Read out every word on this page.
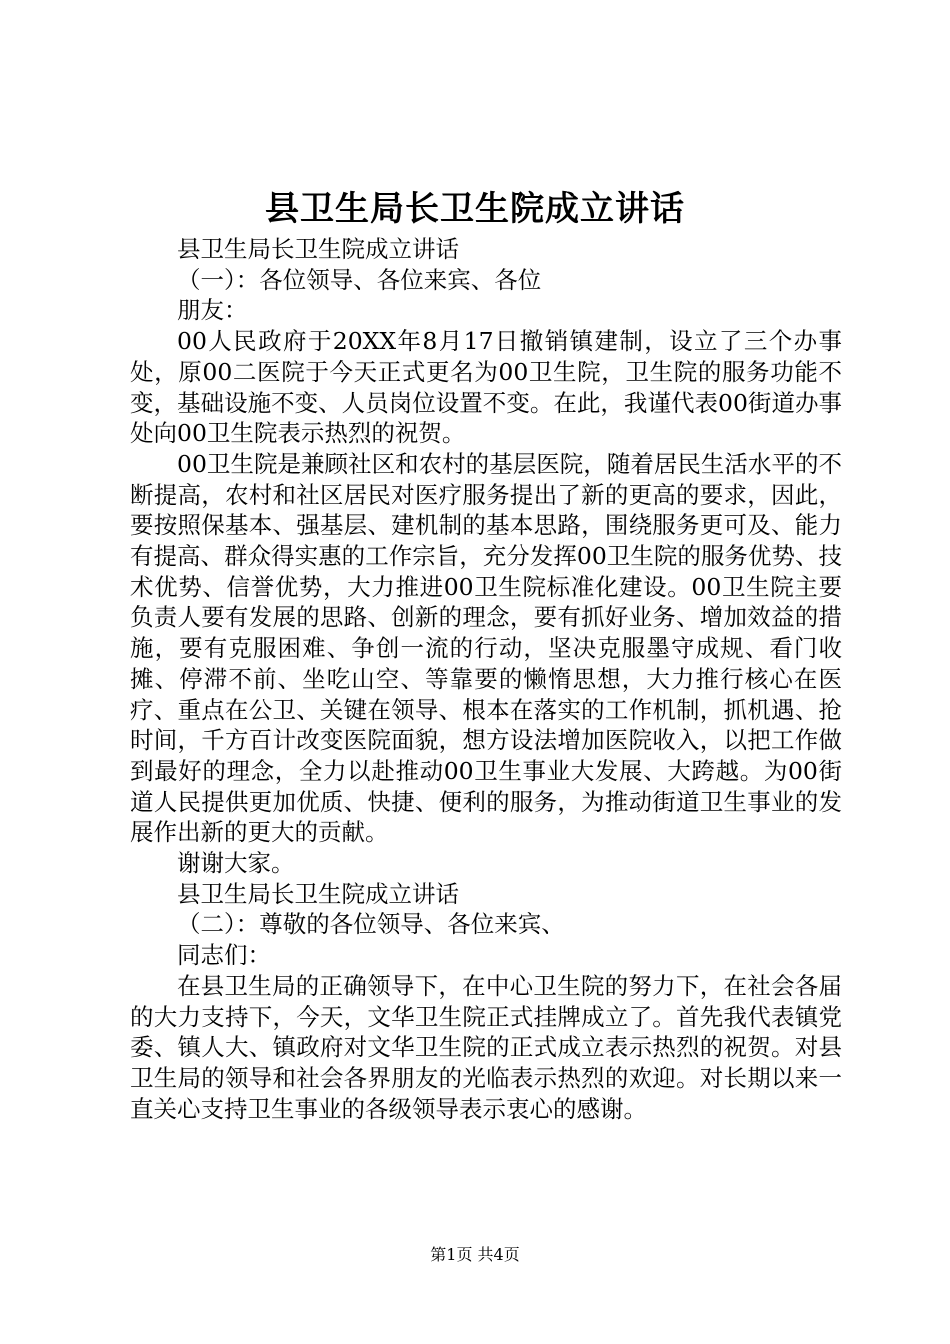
县卫生局长卫生院成立讲话

县卫生局长卫生院成立讲话

（一）：各位领导、各位来宾、各位

朋友：

00人民政府于20XX年8月17日撤销镇建制，设立了三个办事处，原00二医院于今天正式更名为00卫生院，卫生院的服务功能不变，基础设施不变、人员岗位设置不变。在此，我谨代表00街道办事处向00卫生院表示热烈的祝贺。

00卫生院是兼顾社区和农村的基层医院，随着居民生活水平的不断提高，农村和社区居民对医疗服务提出了新的更高的要求，因此，要按照保基本、强基层、建机制的基本思路，围绕服务更可及、能力有提高、群众得实惠的工作宗旨，充分发挥00卫生院的服务优势、技术优势、信誉优势，大力推进00卫生院标准化建设。00卫生院主要负责人要有发展的思路、创新的理念，要有抓好业务、增加效益的措施，要有克服困难、争创一流的行动，坚决克服墨守成规、看门收摊、停滞不前、坐吃山空、等靠要的懒惰思想，大力推行核心在医疗、重点在公卫、关键在领导、根本在落实的工作机制，抓机遇、抢时间，千方百计改变医院面貌，想方设法增加医院收入，以把工作做到最好的理念，全力以赴推动00卫生事业大发展、大跨越。为00街道人民提供更加优质、快捷、便利的服务，为推动街道卫生事业的发展作出新的更大的贡献。

谢谢大家。

县卫生局长卫生院成立讲话

（二）：尊敬的各位领导、各位来宾、

同志们：

在县卫生局的正确领导下，在中心卫生院的努力下，在社会各届的大力支持下，今天，文华卫生院正式挂牌成立了。首先我代表镇党委、镇人大、镇政府对文华卫生院的正式成立表示热烈的祝贺。对县卫生局的领导和社会各界朋友的光临表示热烈的欢迎。对长期以来一直关心支持卫生事业的各级领导表示衷心的感谢。

第1页 共4页
